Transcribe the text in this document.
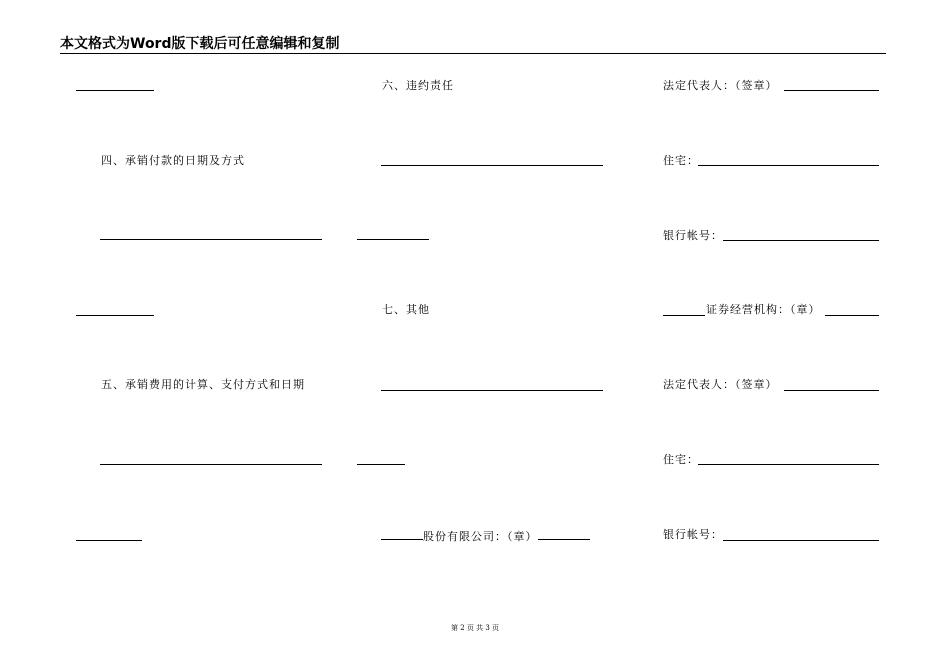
本文格式为Word版下载后可任意编辑和复制
四、承销付款的日期及方式
五、承销费用的计算、支付方式和日期
六、违约责任
七、其他
股份有限公司：（章）
法定代表人：（签章）
住宅：
银行帐号：
证券经营机构：（章）
法定代表人：（签章）
住宅：
银行帐号：
第 2 页 共 3 页
